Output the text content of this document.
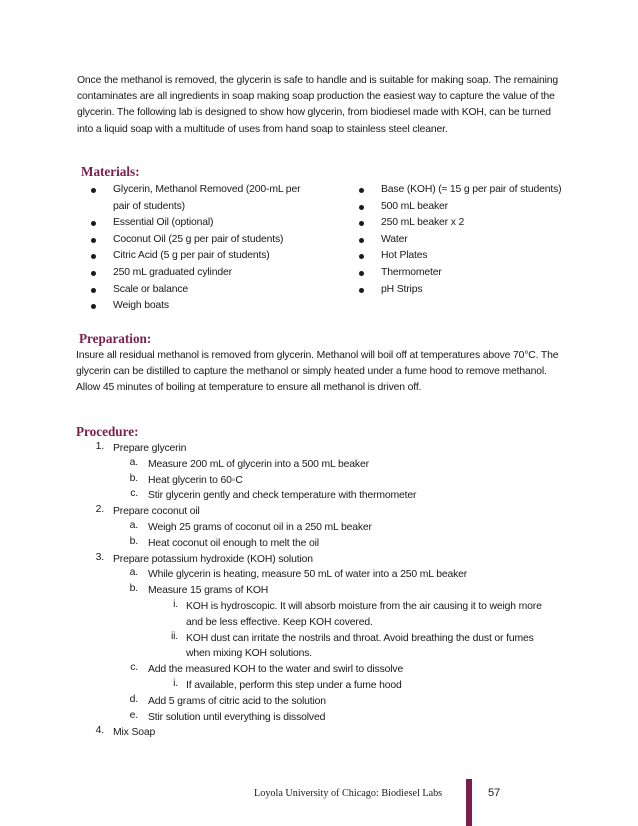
Once the methanol is removed, the glycerin is safe to handle and is suitable for making soap. The remaining contaminates are all ingredients in soap making soap production the easiest way to capture the value of the glycerin. The following lab is designed to show how glycerin, from biodiesel made with KOH, can be turned into a liquid soap with a multitude of uses from hand soap to stainless steel cleaner.
Materials:
Glycerin, Methanol Removed (200-mL per pair of students)
Essential Oil (optional)
Coconut Oil (25 g per pair of students)
Citric Acid (5 g per pair of students)
250 mL graduated cylinder
Scale or balance
Weigh boats
Base (KOH) (≈ 15 g per pair of students)
500 mL beaker
250 mL beaker x 2
Water
Hot Plates
Thermometer
pH Strips
Preparation:
Insure all residual methanol is removed from glycerin. Methanol will boil off at temperatures above 70°C. The glycerin can be distilled to capture the methanol or simply heated under a fume hood to remove methanol. Allow 45 minutes of boiling at temperature to ensure all methanol is driven off.
Procedure:
1. Prepare glycerin
a. Measure 200 mL of glycerin into a 500 mL beaker
b. Heat glycerin to 60◦C
c. Stir glycerin gently and check temperature with thermometer
2. Prepare coconut oil
a. Weigh 25 grams of coconut oil in a 250 mL beaker
b. Heat coconut oil enough to melt the oil
3. Prepare potassium hydroxide (KOH) solution
a. While glycerin is heating, measure 50 mL of water into a 250 mL beaker
b. Measure 15 grams of KOH
i. KOH is hydroscopic. It will absorb moisture from the air causing it to weigh more
and be less effective. Keep KOH covered.
ii. KOH dust can irritate the nostrils and throat. Avoid breathing the dust or fumes
when mixing KOH solutions.
c. Add the measured KOH to the water and swirl to dissolve
i. If available, perform this step under a fume hood
d. Add 5 grams of citric acid to the solution
e. Stir solution until everything is dissolved
4. Mix Soap
Loyola University of Chicago: Biodiesel Labs	57
